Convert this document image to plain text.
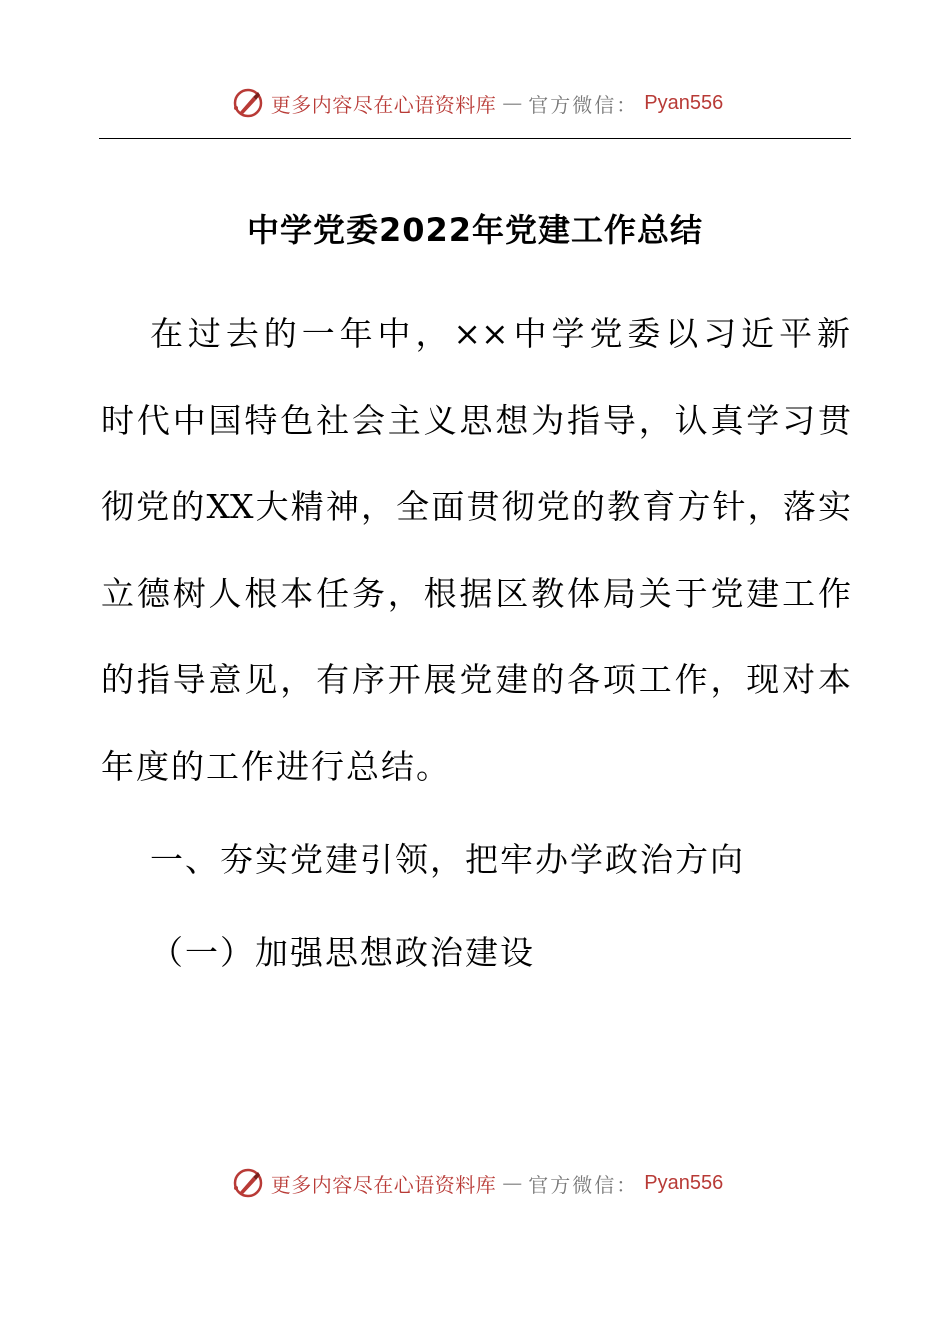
更多内容尽在心语资料库 — 官方微信： Pyan556
中学党委2022年党建工作总结

在过去的一年中，××中学党委以习近平新

时代中国特色社会主义思想为指导，认真学习贯

彻党的XX大精神，全面贯彻党的教育方针，落实

立德树人根本任务，根据区教体局关于党建工作

的指导意见，有序开展党建的各项工作，现对本

年度的工作进行总结。

一、夯实党建引领，把牢办学政治方向

（一）加强思想政治建设

更多内容尽在心语资料库 — 官方微信： Pyan556
